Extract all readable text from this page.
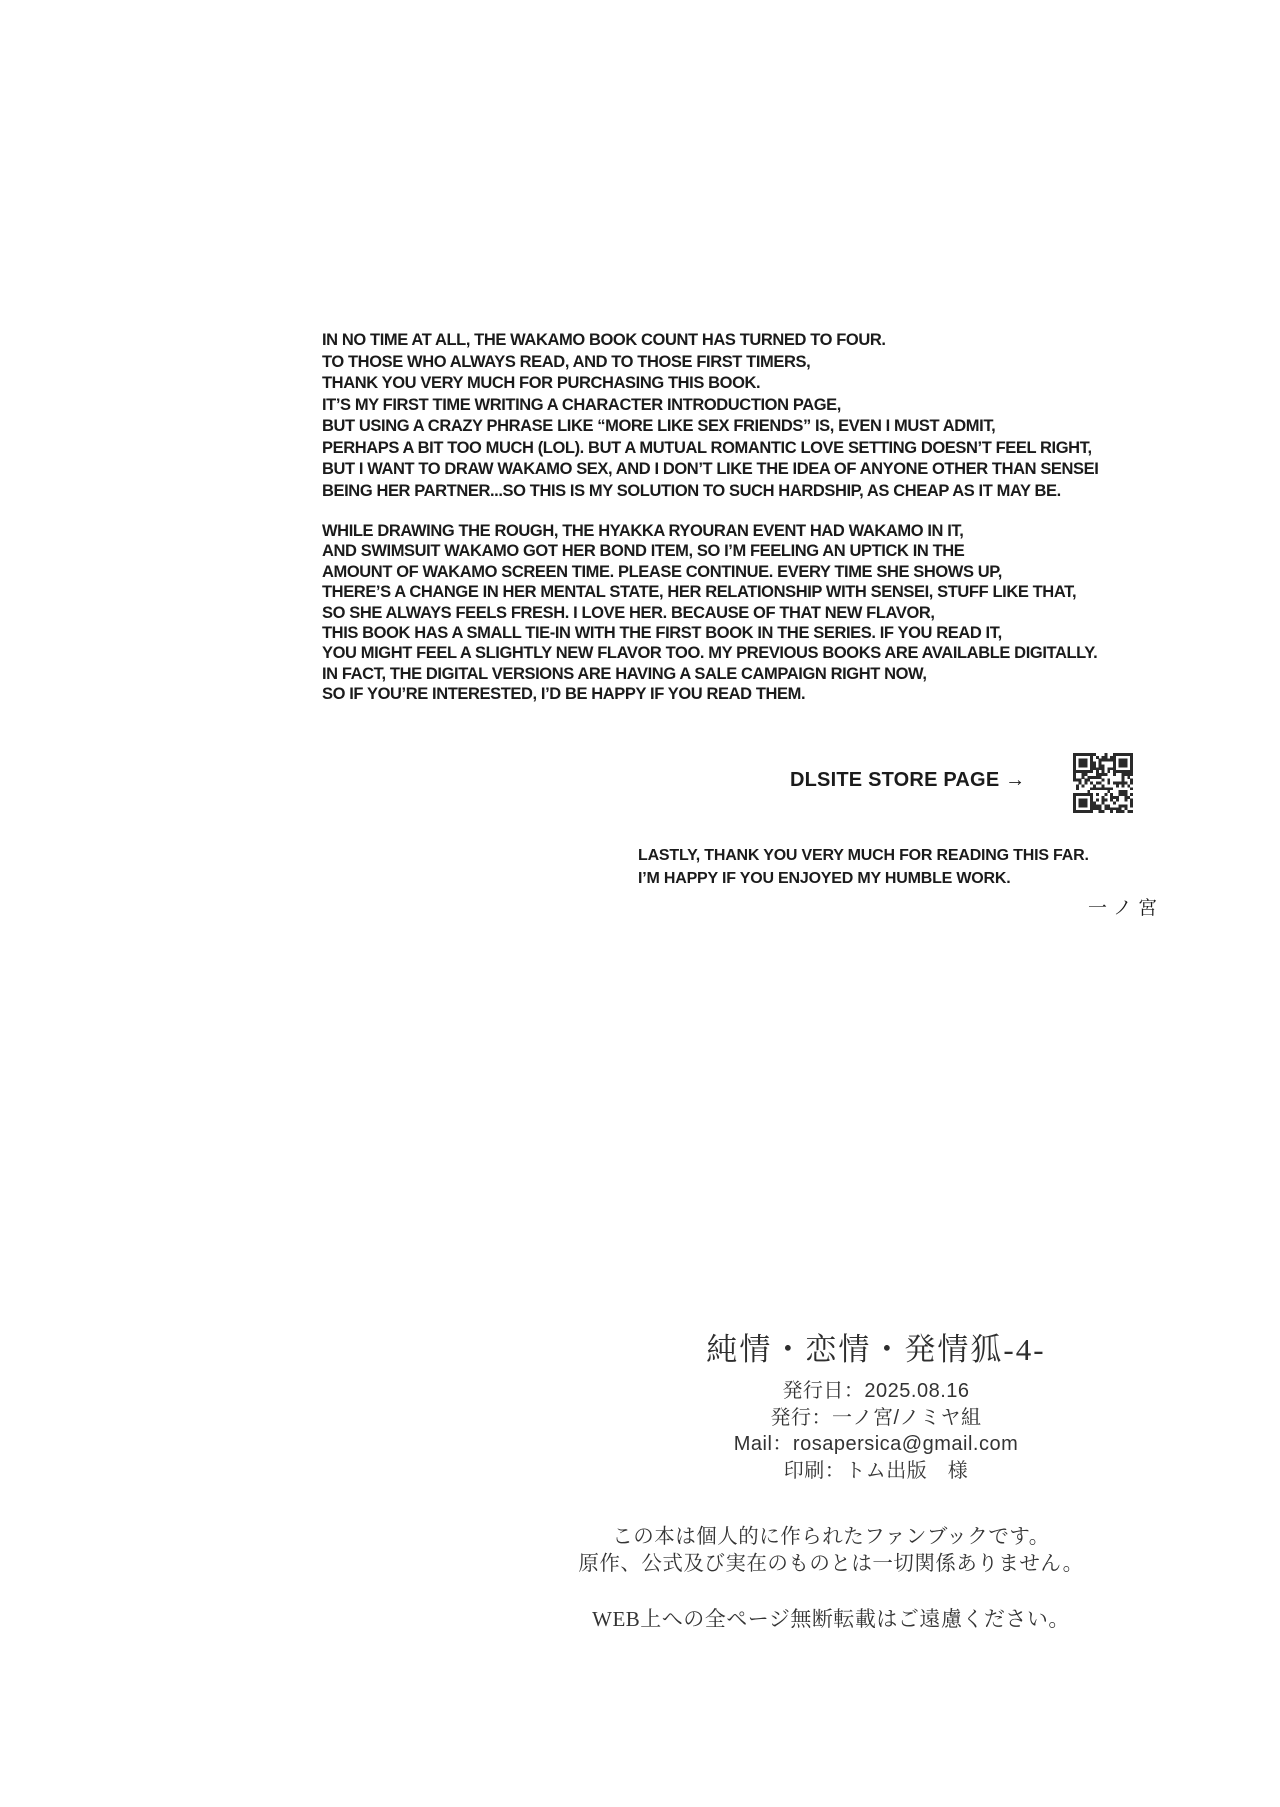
IN NO TIME AT ALL, THE WAKAMO BOOK COUNT HAS TURNED TO FOUR.
TO THOSE WHO ALWAYS READ, AND TO THOSE FIRST TIMERS,
THANK YOU VERY MUCH FOR PURCHASING THIS BOOK.
IT’S MY FIRST TIME WRITING A CHARACTER INTRODUCTION PAGE,
BUT USING A CRAZY PHRASE LIKE “MORE LIKE SEX FRIENDS” IS, EVEN I MUST ADMIT,
PERHAPS A BIT TOO MUCH (LOL). BUT A MUTUAL ROMANTIC LOVE SETTING DOESN’T FEEL RIGHT,
BUT I WANT TO DRAW WAKAMO SEX, AND I DON’T LIKE THE IDEA OF ANYONE OTHER THAN SENSEI
BEING HER PARTNER...SO THIS IS MY SOLUTION TO SUCH HARDSHIP, AS CHEAP AS IT MAY BE.
WHILE DRAWING THE ROUGH, THE HYAKKA RYOURAN EVENT HAD WAKAMO IN IT,
AND SWIMSUIT WAKAMO GOT HER BOND ITEM, SO I’M FEELING AN UPTICK IN THE
AMOUNT OF WAKAMO SCREEN TIME. PLEASE CONTINUE. EVERY TIME SHE SHOWS UP,
THERE’S A CHANGE IN HER MENTAL STATE, HER RELATIONSHIP WITH SENSEI, STUFF LIKE THAT,
SO SHE ALWAYS FEELS FRESH. I LOVE HER. BECAUSE OF THAT NEW FLAVOR,
THIS BOOK HAS A SMALL TIE-IN WITH THE FIRST BOOK IN THE SERIES. IF YOU READ IT,
YOU MIGHT FEEL A SLIGHTLY NEW FLAVOR TOO. MY PREVIOUS BOOKS ARE AVAILABLE DIGITALLY.
IN FACT, THE DIGITAL VERSIONS ARE HAVING A SALE CAMPAIGN RIGHT NOW,
SO IF YOU’RE INTERESTED, I’D BE HAPPY IF YOU READ THEM.
DLSITE STORE PAGE →
LASTLY, THANK YOU VERY MUCH FOR READING THIS FAR.
I’M HAPPY IF YOU ENJOYED MY HUMBLE WORK.
一ノ宮
純情・恋情・発情狐-4-
発行日：2025.08.16
発行：一ノ宮/ノミヤ組
Mail：rosapersica@gmail.com
印刷：トム出版　様
この本は個人的に作られたファンブックです。
原作、公式及び実在のものとは一切関係ありません。
WEB上への全ページ無断転載はご遠慮ください。
